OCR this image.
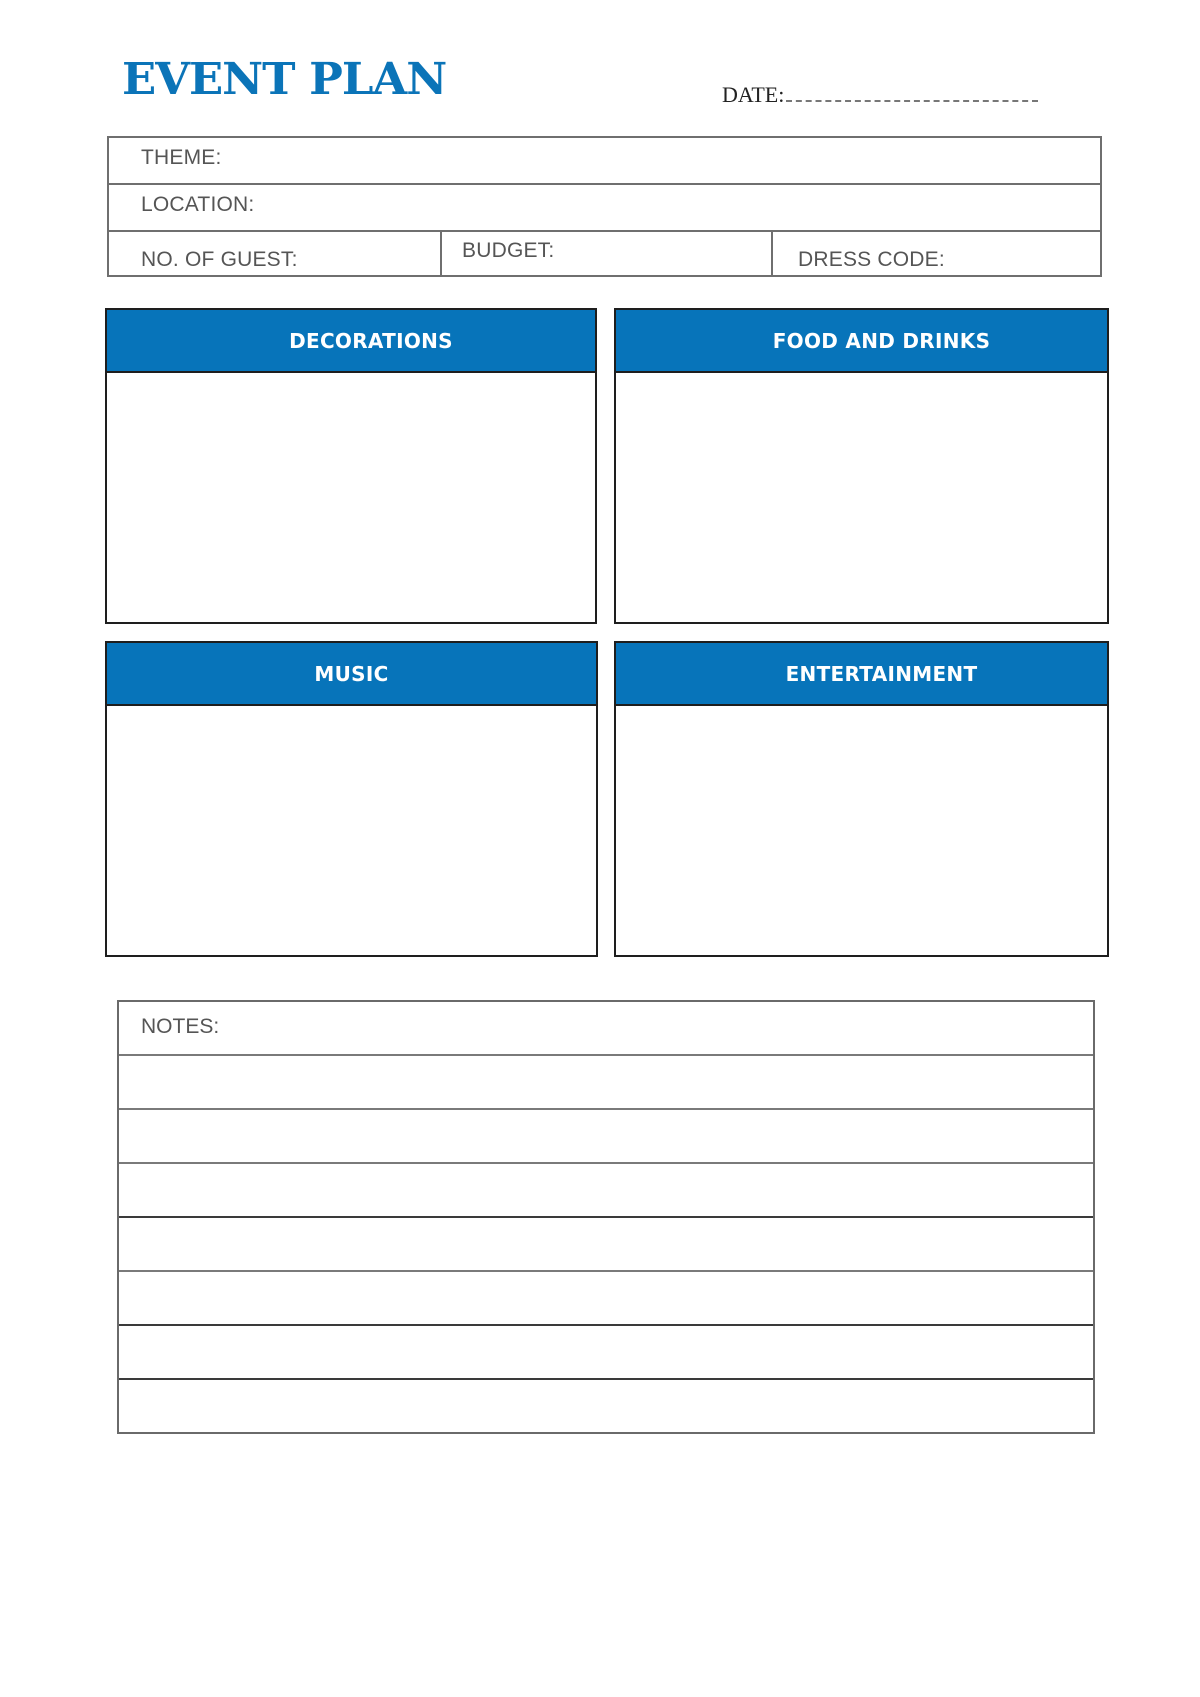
EVENT PLAN	DATE:
THEME:
LOCATION:
NO. OF GUEST:	BUDGET:	DRESS CODE:
DECORATIONS	FOOD AND DRINKS
MUSIC	ENTERTAINMENT
NOTES:
